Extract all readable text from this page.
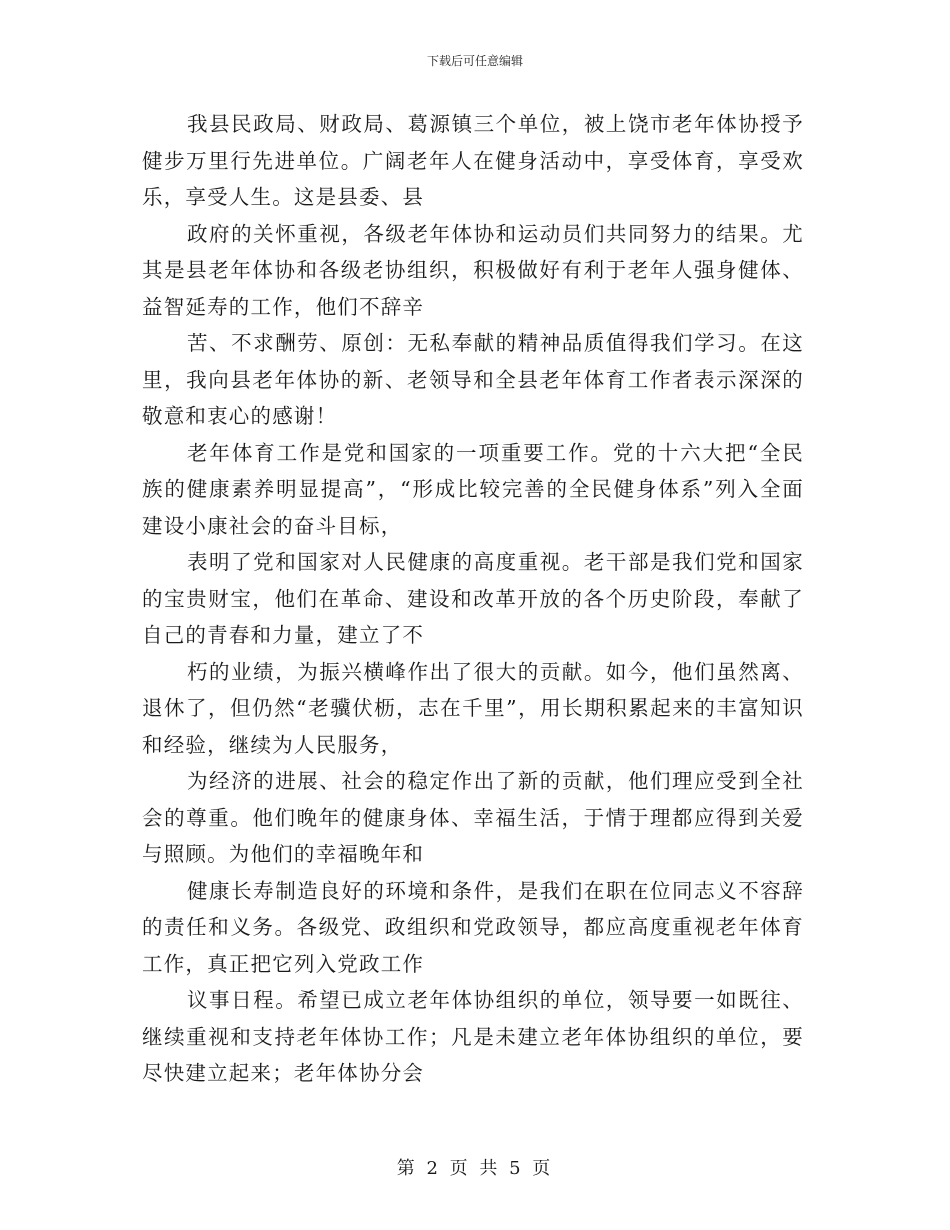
下载后可任意编辑

我县民政局、财政局、葛源镇三个单位，被上饶市老年体协授予健步万里行先进单位。广阔老年人在健身活动中，享受体育，享受欢乐，享受人生。这是县委、县

政府的关怀重视，各级老年体协和运动员们共同努力的结果。尤其是县老年体协和各级老协组织，积极做好有利于老年人强身健体、益智延寿的工作，他们不辞辛

苦、不求酬劳、原创：无私奉献的精神品质值得我们学习。在这里，我向县老年体协的新、老领导和全县老年体育工作者表示深深的敬意和衷心的感谢！

老年体育工作是党和国家的一项重要工作。党的十六大把“全民族的健康素养明显提高”，“形成比较完善的全民健身体系”列入全面建设小康社会的奋斗目标，

表明了党和国家对人民健康的高度重视。老干部是我们党和国家的宝贵财宝，他们在革命、建设和改革开放的各个历史阶段，奉献了自己的青春和力量，建立了不

朽的业绩，为振兴横峰作出了很大的贡献。如今，他们虽然离、退休了，但仍然“老骥伏枥，志在千里”，用长期积累起来的丰富知识和经验，继续为人民服务，

为经济的进展、社会的稳定作出了新的贡献，他们理应受到全社会的尊重。他们晚年的健康身体、幸福生活，于情于理都应得到关爱与照顾。为他们的幸福晚年和

健康长寿制造良好的环境和条件，是我们在职在位同志义不容辞的责任和义务。各级党、政组织和党政领导，都应高度重视老年体育工作，真正把它列入党政工作

议事日程。希望已成立老年体协组织的单位，领导要一如既往、继续重视和支持老年体协工作；凡是未建立老年体协组织的单位，要尽快建立起来；老年体协分会

第 2 页 共 5 页
